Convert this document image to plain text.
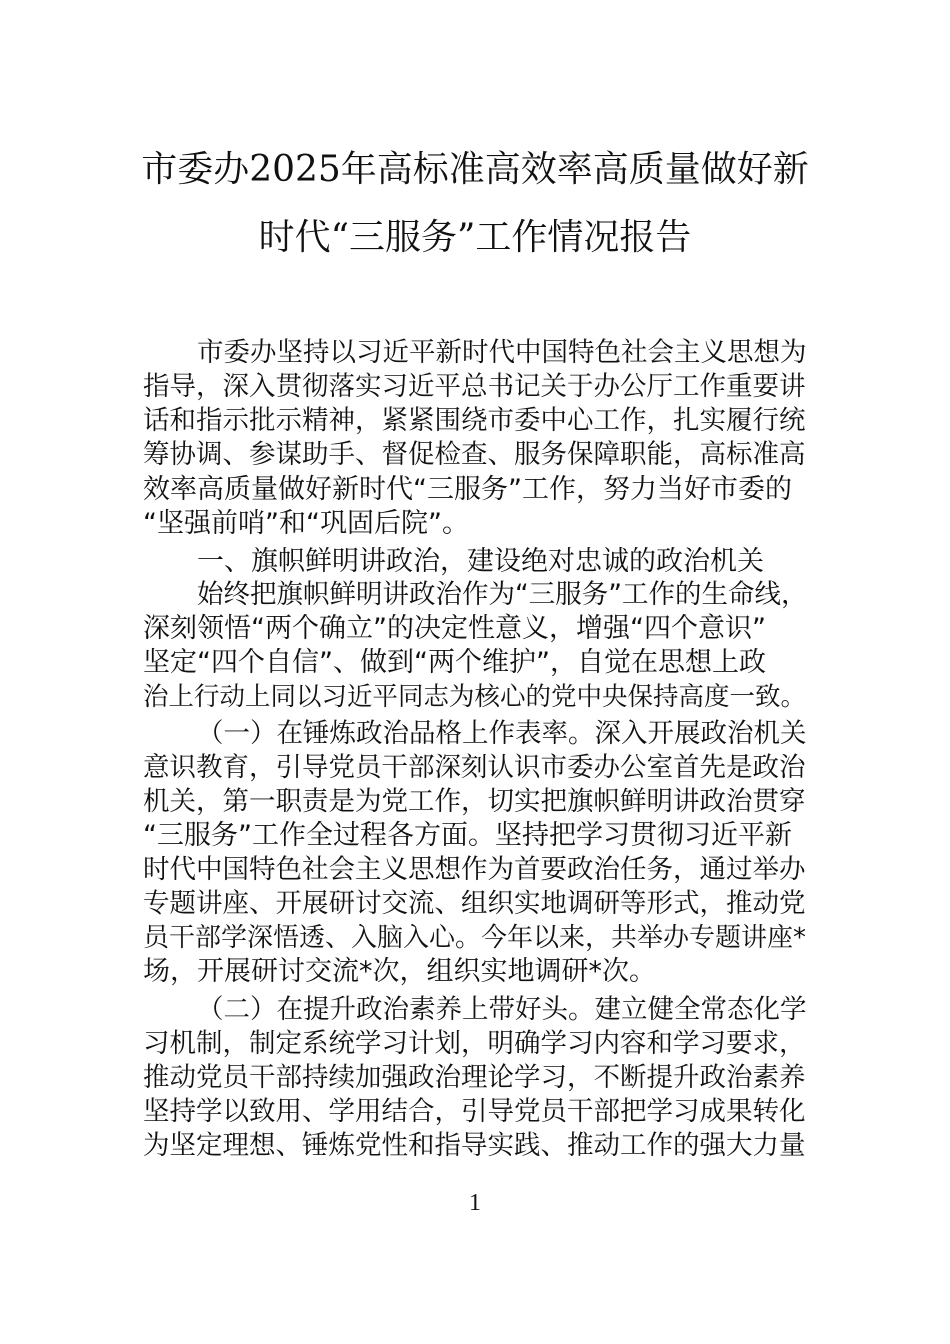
市委办2025年高标准高效率高质量做好新
时代“三服务”工作情况报告

市委办坚持以习近平新时代中国特色社会主义思想为

指导，深入贯彻落实习近平总书记关于办公厅工作重要讲

话和指示批示精神，紧紧围绕市委中心工作，扎实履行统

筹协调、参谋助手、督促检查、服务保障职能，高标准高

效率高质量做好新时代“三服务”工作，努力当好市委的

“坚强前哨”和“巩固后院”。

一、旗帜鲜明讲政治，建设绝对忠诚的政治机关

始终把旗帜鲜明讲政治作为“三服务”工作的生命线，

深刻领悟“两个确立”的决定性意义，增强“四个意识”

坚定“四个自信”、做到“两个维护”，自觉在思想上政

治上行动上同以习近平同志为核心的党中央保持高度一致。

（一）在锤炼政治品格上作表率。深入开展政治机关

意识教育，引导党员干部深刻认识市委办公室首先是政治

机关，第一职责是为党工作，切实把旗帜鲜明讲政治贯穿

“三服务”工作全过程各方面。坚持把学习贯彻习近平新

时代中国特色社会主义思想作为首要政治任务，通过举办

专题讲座、开展研讨交流、组织实地调研等形式，推动党

员干部学深悟透、入脑入心。今年以来，共举办专题讲座*

场，开展研讨交流*次，组织实地调研*次。

（二）在提升政治素养上带好头。建立健全常态化学

习机制，制定系统学习计划，明确学习内容和学习要求，

推动党员干部持续加强政治理论学习，不断提升政治素养

坚持学以致用、学用结合，引导党员干部把学习成果转化

为坚定理想、锤炼党性和指导实践、推动工作的强大力量

1
